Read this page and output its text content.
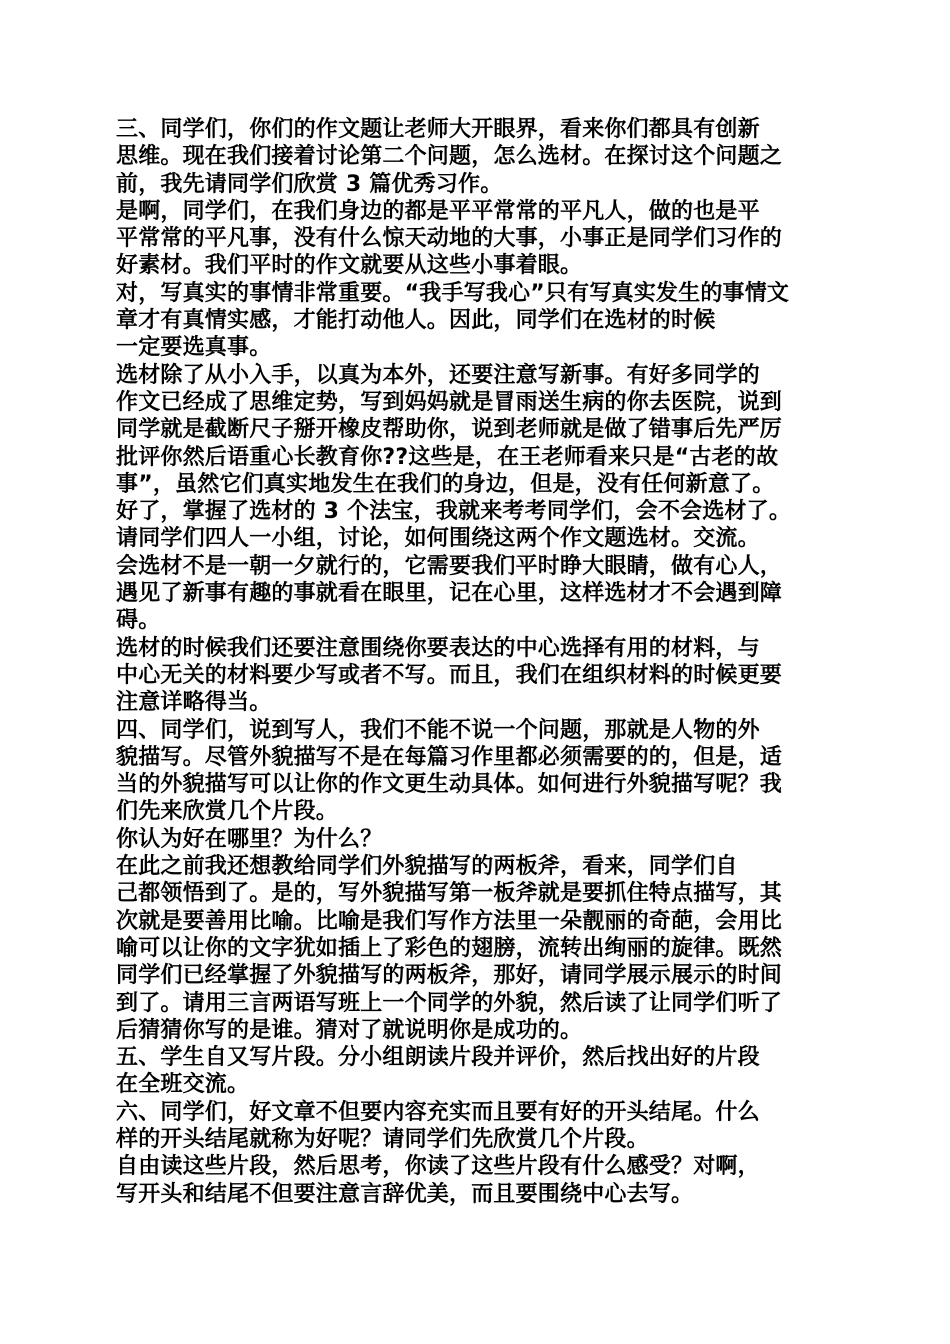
三、同学们，你们的作文题让老师大开眼界，看来你们都具有创新
思维。现在我们接着讨论第二个问题，怎么选材。在探讨这个问题之
前，我先请同学们欣赏 3 篇优秀习作。
是啊，同学们，在我们身边的都是平平常常的平凡人，做的也是平
平常常的平凡事，没有什么惊天动地的大事，小事正是同学们习作的
好素材。我们平时的作文就要从这些小事着眼。
对，写真实的事情非常重要。“我手写我心”只有写真实发生的事情文
章才有真情实感，才能打动他人。因此，同学们在选材的时候
一定要选真事。
选材除了从小入手，以真为本外，还要注意写新事。有好多同学的
作文已经成了思维定势，写到妈妈就是冒雨送生病的你去医院，说到
同学就是截断尺子掰开橡皮帮助你，说到老师就是做了错事后先严厉
批评你然后语重心长教育你??这些是，在王老师看来只是“古老的故
事”，虽然它们真实地发生在我们的身边，但是，没有任何新意了。
好了，掌握了选材的 3 个法宝，我就来考考同学们，会不会选材了。
请同学们四人一小组，讨论，如何围绕这两个作文题选材。交流。
会选材不是一朝一夕就行的，它需要我们平时睁大眼睛，做有心人，
遇见了新事有趣的事就看在眼里，记在心里，这样选材才不会遇到障
碍。
选材的时候我们还要注意围绕你要表达的中心选择有用的材料，与
中心无关的材料要少写或者不写。而且，我们在组织材料的时候更要
注意详略得当。
四、同学们，说到写人，我们不能不说一个问题，那就是人物的外
貌描写。尽管外貌描写不是在每篇习作里都必须需要的的，但是，适
当的外貌描写可以让你的作文更生动具体。如何进行外貌描写呢？我
们先来欣赏几个片段。
你认为好在哪里？为什么？
在此之前我还想教给同学们外貌描写的两板斧，看来，同学们自
己都领悟到了。是的，写外貌描写第一板斧就是要抓住特点描写，其
次就是要善用比喻。比喻是我们写作方法里一朵靓丽的奇葩，会用比
喻可以让你的文字犹如插上了彩色的翅膀，流转出绚丽的旋律。既然
同学们已经掌握了外貌描写的两板斧，那好，请同学展示展示的时间
到了。请用三言两语写班上一个同学的外貌，然后读了让同学们听了
后猜猜你写的是谁。猜对了就说明你是成功的。
五、学生自又写片段。分小组朗读片段并评价，然后找出好的片段
在全班交流。
六、同学们，好文章不但要内容充实而且要有好的开头结尾。什么
样的开头结尾就称为好呢？请同学们先欣赏几个片段。
自由读这些片段，然后思考，你读了这些片段有什么感受？对啊，
写开头和结尾不但要注意言辞优美，而且要围绕中心去写。
